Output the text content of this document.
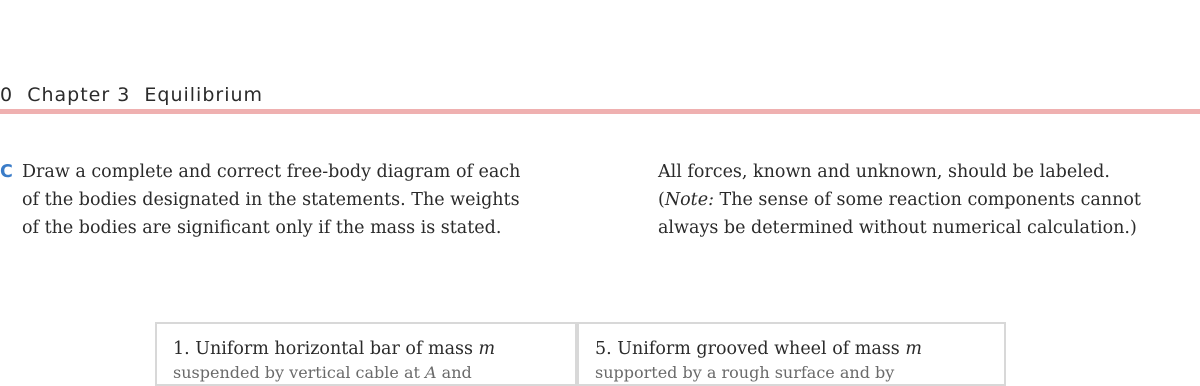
0 Chapter 3 Equilibrium
C Draw a complete and correct free-body diagram of each
of the bodies designated in the statements. The weights
of the bodies are significant only if the mass is stated.
All forces, known and unknown, should be labeled.
(Note: The sense of some reaction components cannot
always be determined without numerical calculation.)
1. Uniform horizontal bar of mass m
suspended by vertical cable at A and
5. Uniform grooved wheel of mass m
supported by a rough surface and by
